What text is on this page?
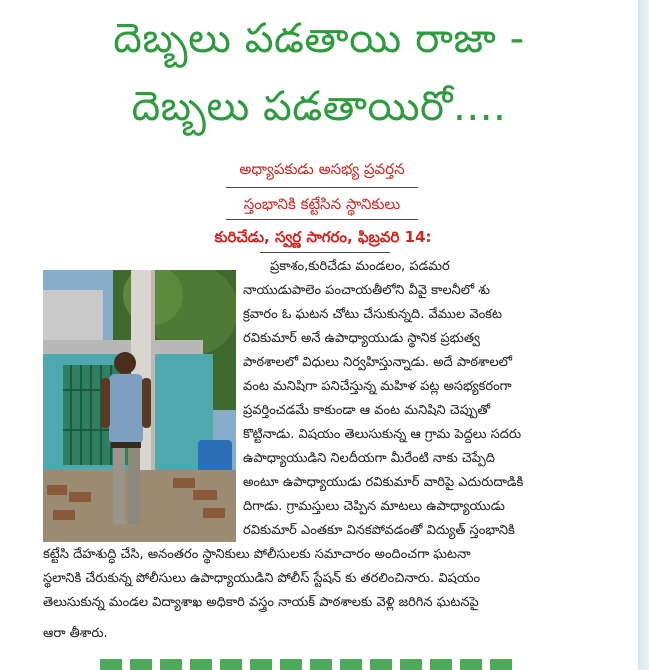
దెబ్బలు పడతాయి రాజా -
దెబ్బలు పడతాయిరో....
అధ్యాపకుడు అసభ్య ప్రవర్తన
స్తంభానికి కట్టేసిన స్థానికులు
కురిచేడు, స్వర్ణ సాగరం, ఫిబ్రవరి 14:
ప్రకాశం,కురిచేడు మండలం, పడమర
నాయుడుపాలెం పంచాయతీలోని వీవై కాలనీలో శు
క్రవారం ఓ ఘటన చోటు చేసుకున్నది. వేముల వెంకట
రవికుమార్ అనే ఉపాధ్యాయుడు స్థానిక ప్రభుత్వ
పాఠశాలలో విధులు నిర్వహిస్తున్నాడు. అదే పాఠశాలలో
వంట మనిషిగా పనిచేస్తున్న మహిళ పట్ల అసభ్యకరంగా
ప్రవర్తించడమే కాకుండా ఆ వంట మనిషిని చెప్పుతో
కొట్టినాడు. విషయం తెలుసుకున్న ఆ గ్రామ పెద్దలు సదరు
ఉపాధ్యాయుడిని నిలదీయగా మీరేంటి నాకు చెప్పేది
అంటూ ఉపాధ్యాయుడు రవికుమార్ వారిపై ఎదురుదాడికి
దిగాడు. గ్రామస్తులు చెప్పిన మాటలు ఉపాధ్యాయుడు
రవికుమార్ ఎంతకూ వినకపోవడంతో విద్యుత్ స్తంభానికి
కట్టేసి దేహశుద్ధి చేసి, అనంతరం స్థానికులు పోలీసులకు సమాచారం అందించగా ఘటనా
స్థలానికి చేరుకున్న పోలీసులు ఉపాధ్యాయుడిని పోలీస్ స్టేషన్ కు తరలించినారు. విషయం
తెలుసుకున్న మండల విద్యాశాఖ అధికారి వస్త్రం నాయక్ పాఠశాలకు వెళ్లి జరిగిన ఘటనపై
ఆరా తీశారు.
